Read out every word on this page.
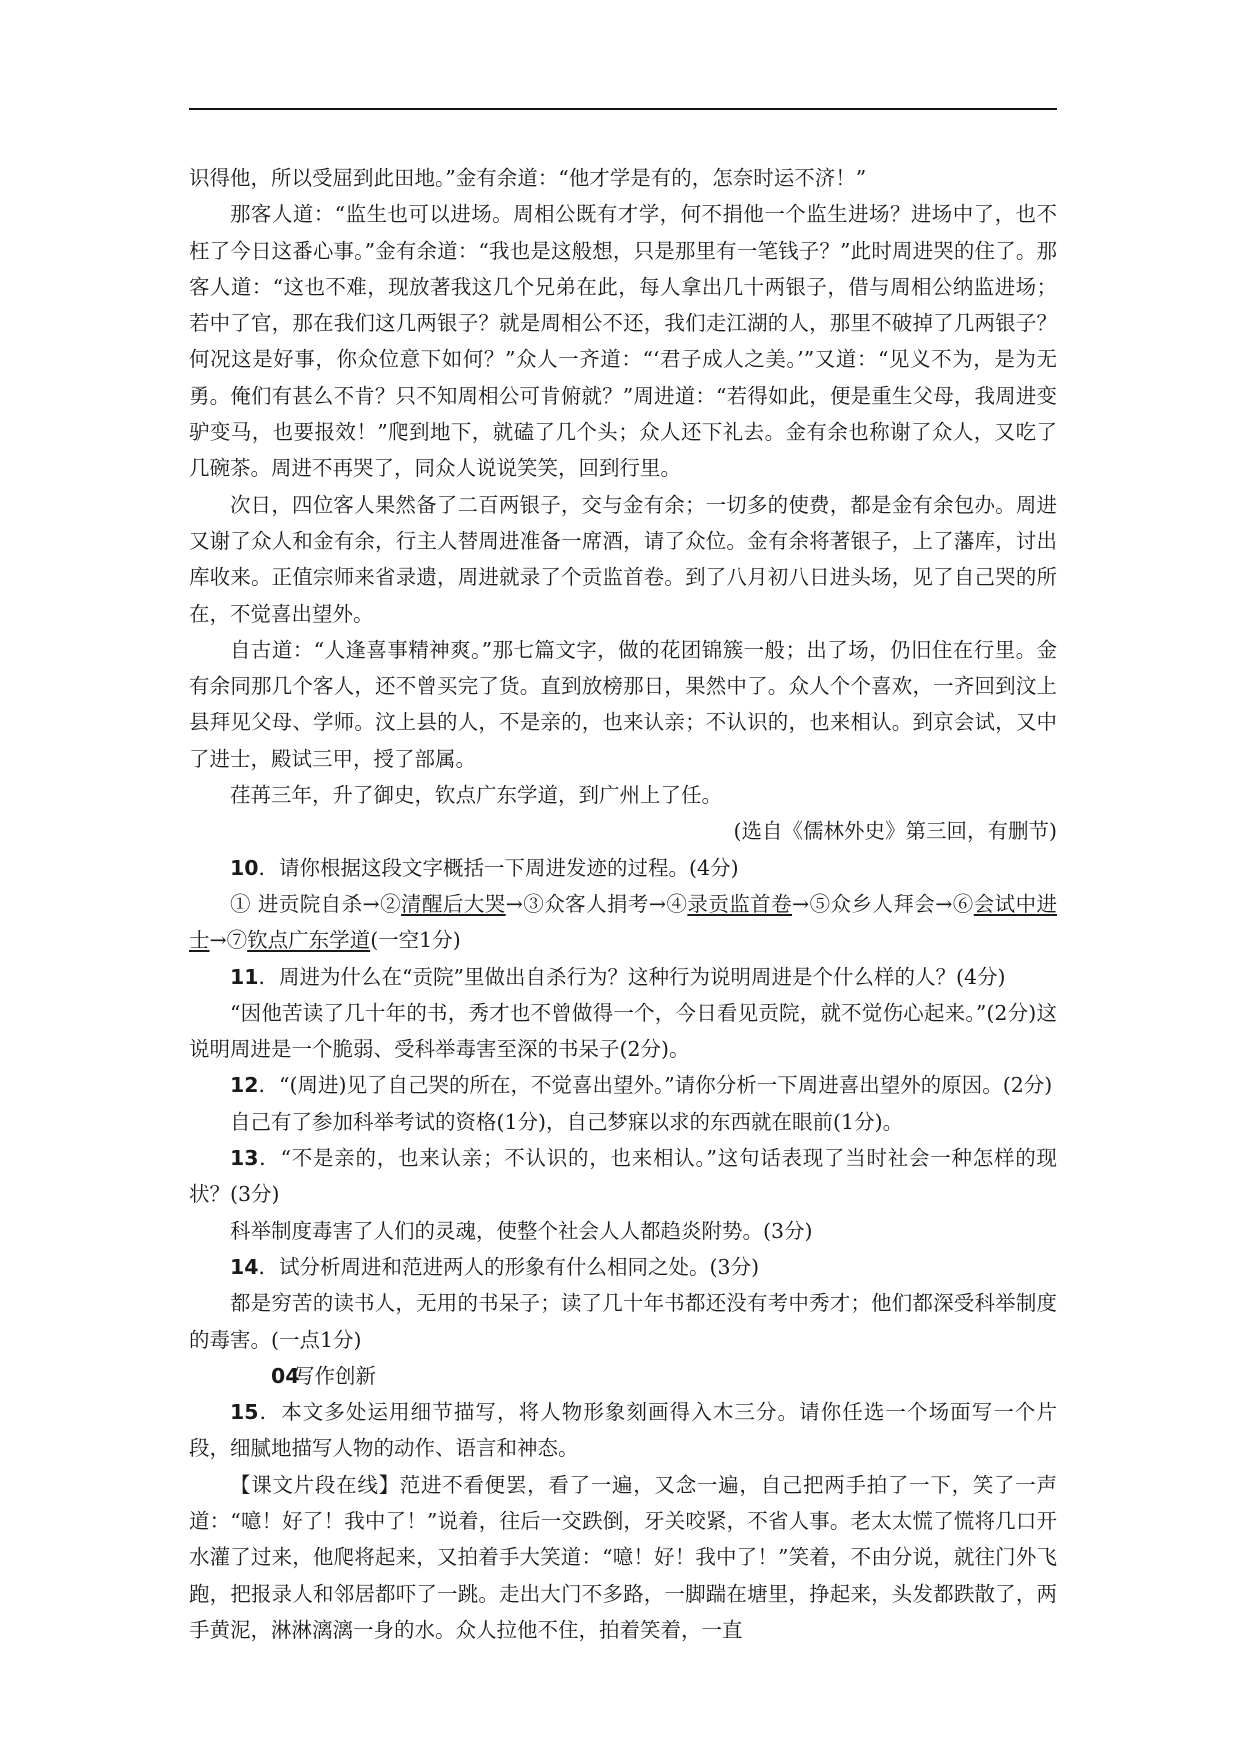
识得他，所以受屈到此田地。”金有余道：“他才学是有的，怎奈时运不济！”

那客人道：“监生也可以进场。周相公既有才学，何不捐他一个监生进场？进场中了，也不枉了今日这番心事。”金有余道：“我也是这般想，只是那里有一笔钱子？”此时周进哭的住了。那客人道：“这也不难，现放著我这几个兄弟在此，每人拿出几十两银子，借与周相公纳监进场；若中了官，那在我们这几两银子？就是周相公不还，我们走江湖的人，那里不破掉了几两银子？何况这是好事，你众位意下如何？”众人一齐道：“‘君子成人之美。’”又道：“见义不为，是为无勇。俺们有甚么不肯？只不知周相公可肯俯就？”周进道：“若得如此，便是重生父母，我周进变驴变马，也要报效！”爬到地下，就磕了几个头；众人还下礼去。金有余也称谢了众人，又吃了几碗茶。周进不再哭了，同众人说说笑笑，回到行里。

次日，四位客人果然备了二百两银子，交与金有余；一切多的使费，都是金有余包办。周进又谢了众人和金有余，行主人替周进准备一席酒，请了众位。金有余将著银子，上了藩库，讨出库收来。正值宗师来省录遗，周进就录了个贡监首卷。到了八月初八日进头场，见了自己哭的所在，不觉喜出望外。

自古道：“人逢喜事精神爽。”那七篇文字，做的花团锦簇一般；出了场，仍旧住在行里。金有余同那几个客人，还不曾买完了货。直到放榜那日，果然中了。众人个个喜欢，一齐回到汶上县拜见父母、学师。汶上县的人，不是亲的，也来认亲；不认识的，也来相认。到京会试，又中了进士，殿试三甲，授了部属。

荏苒三年，升了御史，钦点广东学道，到广州上了任。

(选自《儒林外史》第三回，有删节)

10．请你根据这段文字概括一下周进发迹的过程。(4分)

① 进贡院自杀→②清醒后大哭→③众客人捐考→④录贡监首卷→⑤众乡人拜会→⑥会试中进士→⑦钦点广东学道(一空1分)

11．周进为什么在“贡院”里做出自杀行为？这种行为说明周进是个什么样的人？(4分)

“因他苦读了几十年的书，秀才也不曾做得一个，今日看见贡院，就不觉伤心起来。”(2分)这说明周进是一个脆弱、受科举毒害至深的书呆子(2分)。

12．“(周进)见了自己哭的所在，不觉喜出望外。”请你分析一下周进喜出望外的原因。(2分)

自己有了参加科举考试的资格(1分)，自己梦寐以求的东西就在眼前(1分)。

13．“不是亲的，也来认亲；不认识的，也来相认。”这句话表现了当时社会一种怎样的现状？(3分)

科举制度毒害了人们的灵魂，使整个社会人人都趋炎附势。(3分)

14．试分析周进和范进两人的形象有什么相同之处。(3分)

都是穷苦的读书人，无用的书呆子；读了几十年书都还没有考中秀才；他们都深受科举制度的毒害。(一点1分)

04写作创新

15．本文多处运用细节描写，将人物形象刻画得入木三分。请你任选一个场面写一个片段，细腻地描写人物的动作、语言和神态。

【课文片段在线】范进不看便罢，看了一遍，又念一遍，自己把两手拍了一下，笑了一声道：“噫！好了！我中了！”说着，往后一交跌倒，牙关咬紧，不省人事。老太太慌了慌将几口开水灌了过来，他爬将起来，又拍着手大笑道：“噫！好！我中了！”笑着，不由分说，就往门外飞跑，把报录人和邻居都吓了一跳。走出大门不多路，一脚踹在塘里，挣起来，头发都跌散了，两手黄泥，淋淋漓漓一身的水。众人拉他不住，拍着笑着，一直
